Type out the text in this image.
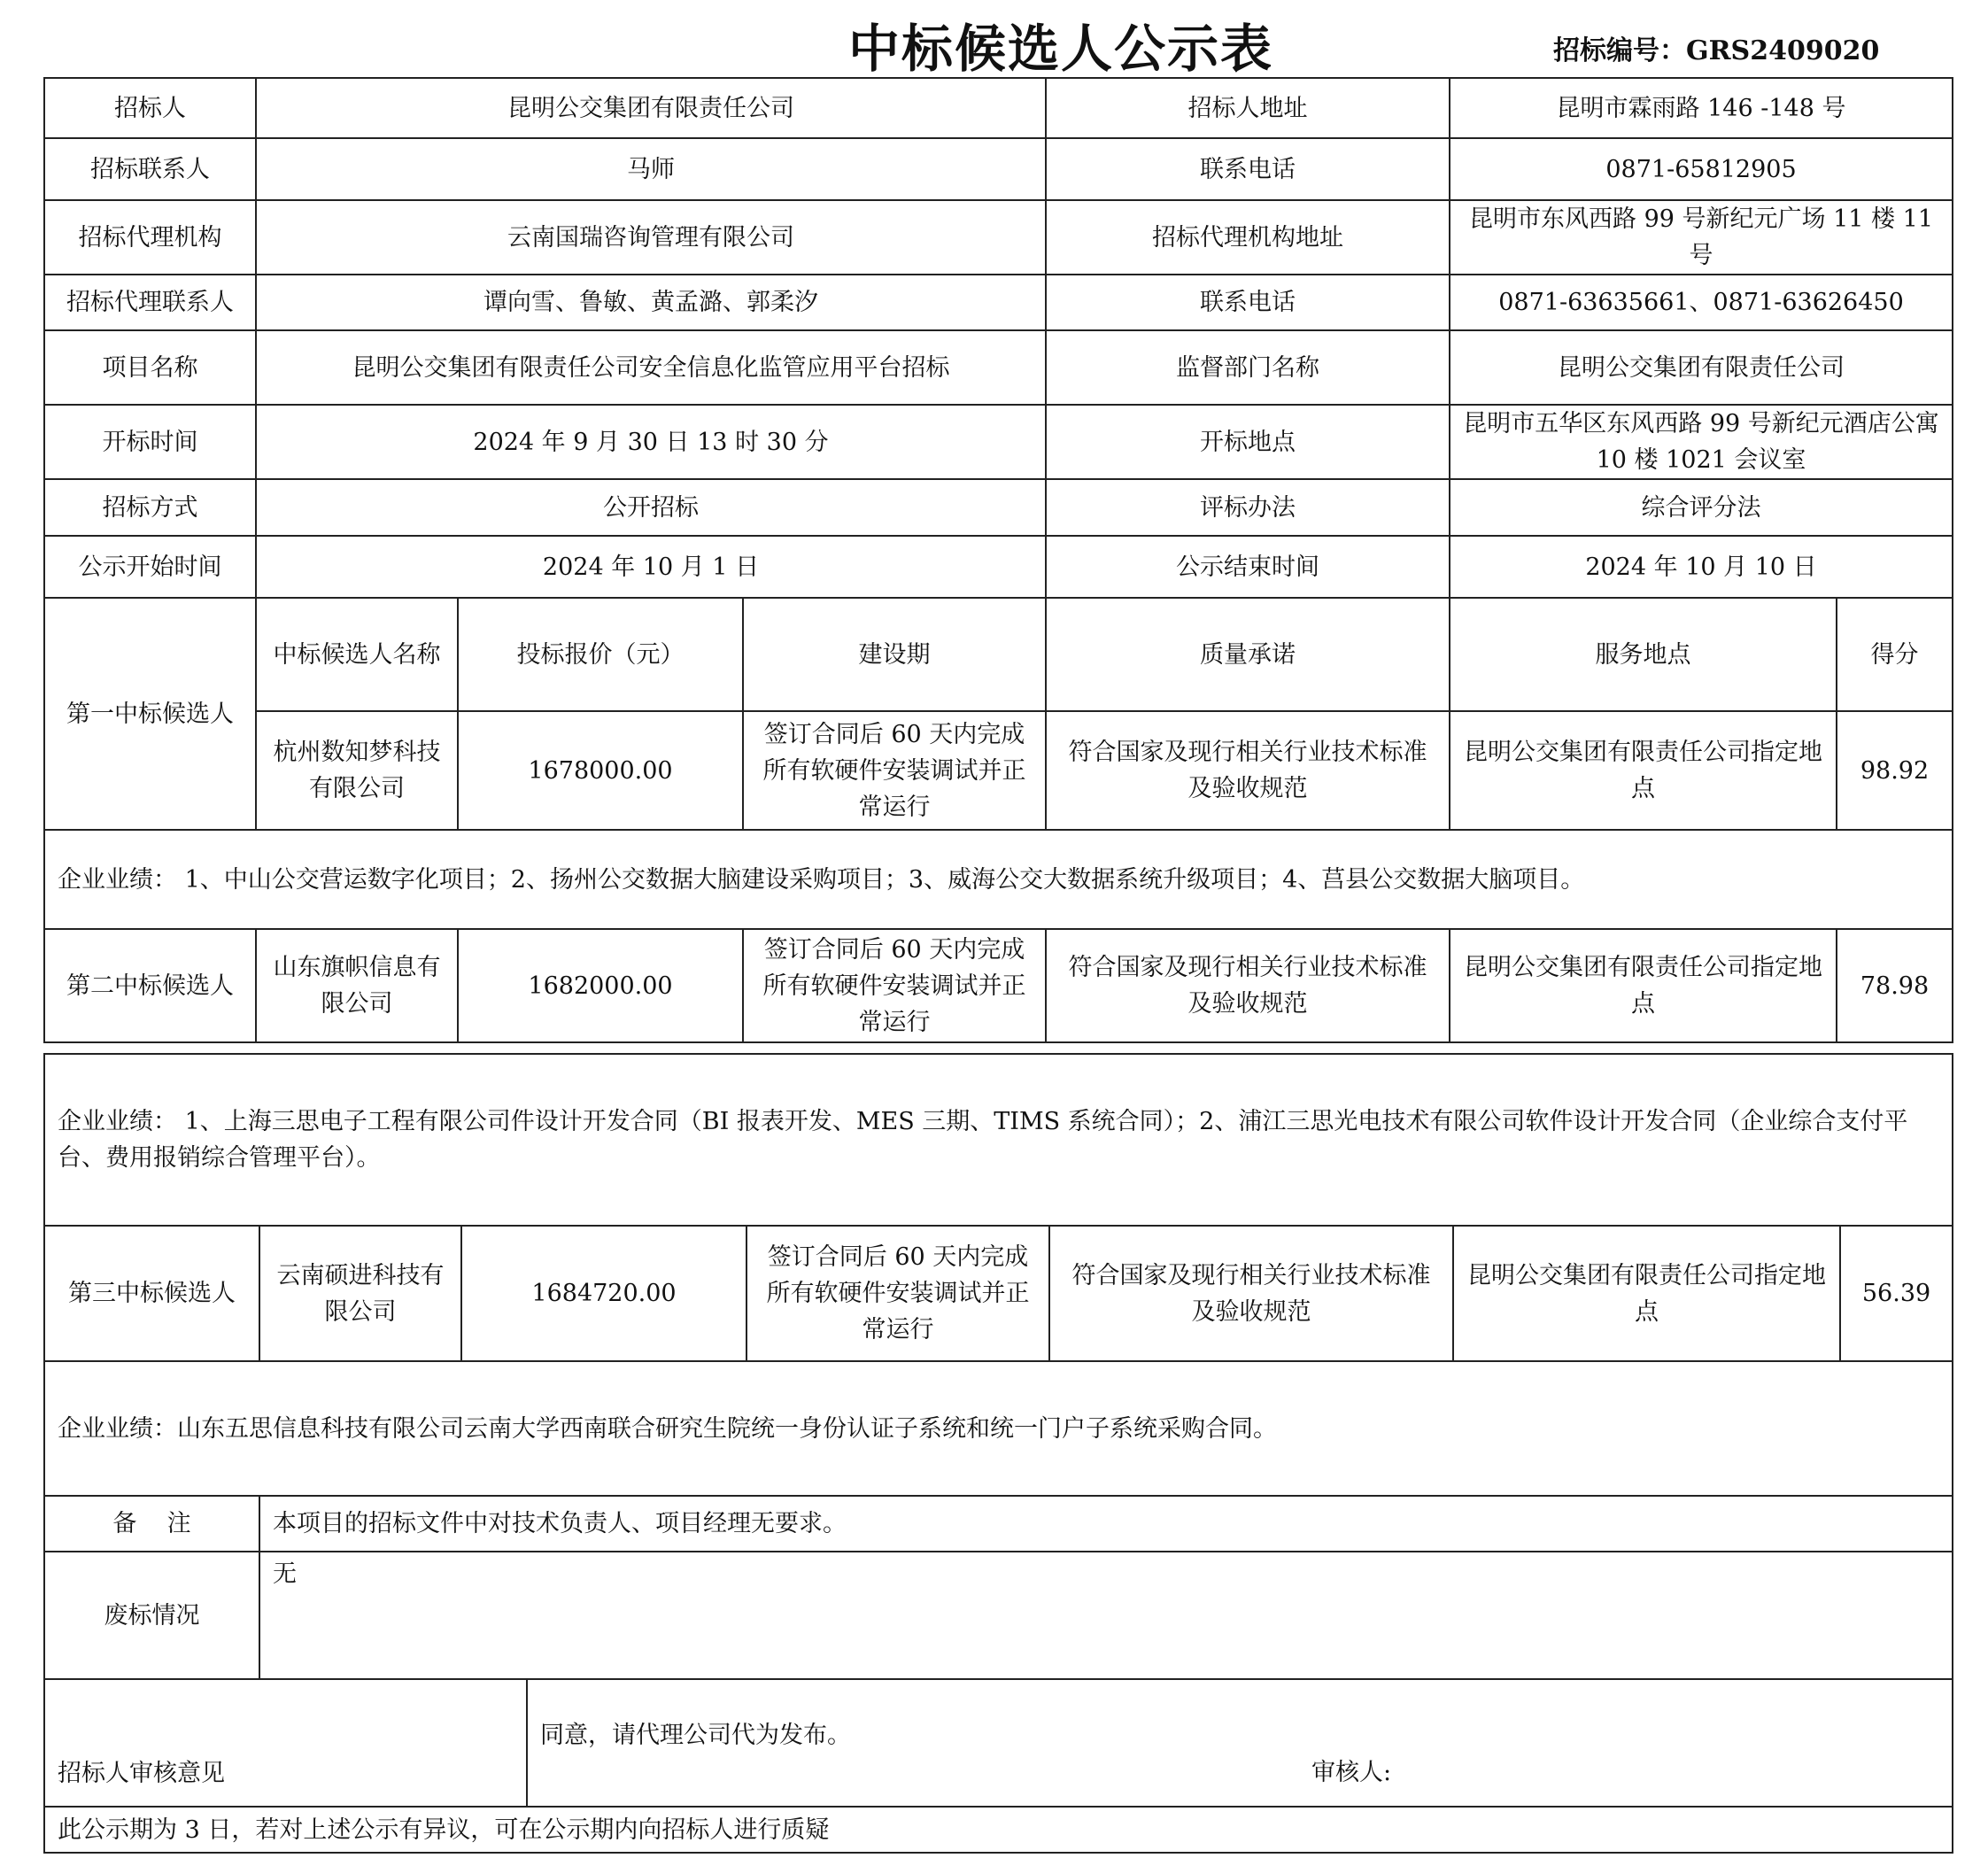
中标候选人公示表	招标编号：GRS2409020
招标人	昆明公交集团有限责任公司			招标人地址	昆明市霖雨路 146 -148 号	
招标联系人	马师			联系电话	0871-65812905	
招标代理机构	云南国瑞咨询管理有限公司			招标代理机构地址	昆明市东风西路 99 号新纪元广场 11 楼 11 号	
招标代理联系人	谭向雪、鲁敏、黄孟潞、郭柔汐			联系电话	0871-63635661、0871-63626450	
项目名称	昆明公交集团有限责任公司安全信息化监管应用平台招标			监督部门名称	昆明公交集团有限责任公司	
开标时间	2024 年 9 月 30 日 13 时 30 分			开标地点	昆明市五华区东风西路 99 号新纪元酒店公寓 10 楼 1021 会议室	
招标方式	公开招标			评标办法	综合评分法	
公示开始时间	2024 年 10 月 1 日			公示结束时间	2024 年 10 月 10 日	
第一中标候选人	中标候选人名称	投标报价（元）	建设期	质量承诺	服务地点	得分
	杭州数知梦科技有限公司	1678000.00	签订合同后 60 天内完成所有软硬件安装调试并正常运行	符合国家及现行相关行业技术标准及验收规范	昆明公交集团有限责任公司指定地点	98.92
企业业绩： 1、中山公交营运数字化项目；2、扬州公交数据大脑建设采购项目；3、威海公交大数据系统升级项目；4、莒县公交数据大脑项目。						
第二中标候选人	山东旗帜信息有限公司	1682000.00	签订合同后 60 天内完成所有软硬件安装调试并正常运行	符合国家及现行相关行业技术标准及验收规范	昆明公交集团有限责任公司指定地点	78.98
企业业绩： 1、上海三思电子工程有限公司件设计开发合同（BI 报表开发、MES 三期、TIMS 系统合同）；2、浦江三思光电技术有限公司软件设计开发合同（企业综合支付平台、费用报销综合管理平台）。						
第三中标候选人	云南硕进科技有限公司	1684720.00	签订合同后 60 天内完成所有软硬件安装调试并正常运行	符合国家及现行相关行业技术标准及验收规范	昆明公交集团有限责任公司指定地点	56.39
企业业绩：山东五思信息科技有限公司云南大学西南联合研究生院统一身份认证子系统和统一门户子系统采购合同。						
备    注	本项目的招标文件中对技术负责人、项目经理无要求。					
废标情况	无					
招标人审核意见	
同意，请代理公司代为发布。
审核人:

此公示期为 3 日，若对上述公示有异议，可在公示期内向招标人进行质疑
